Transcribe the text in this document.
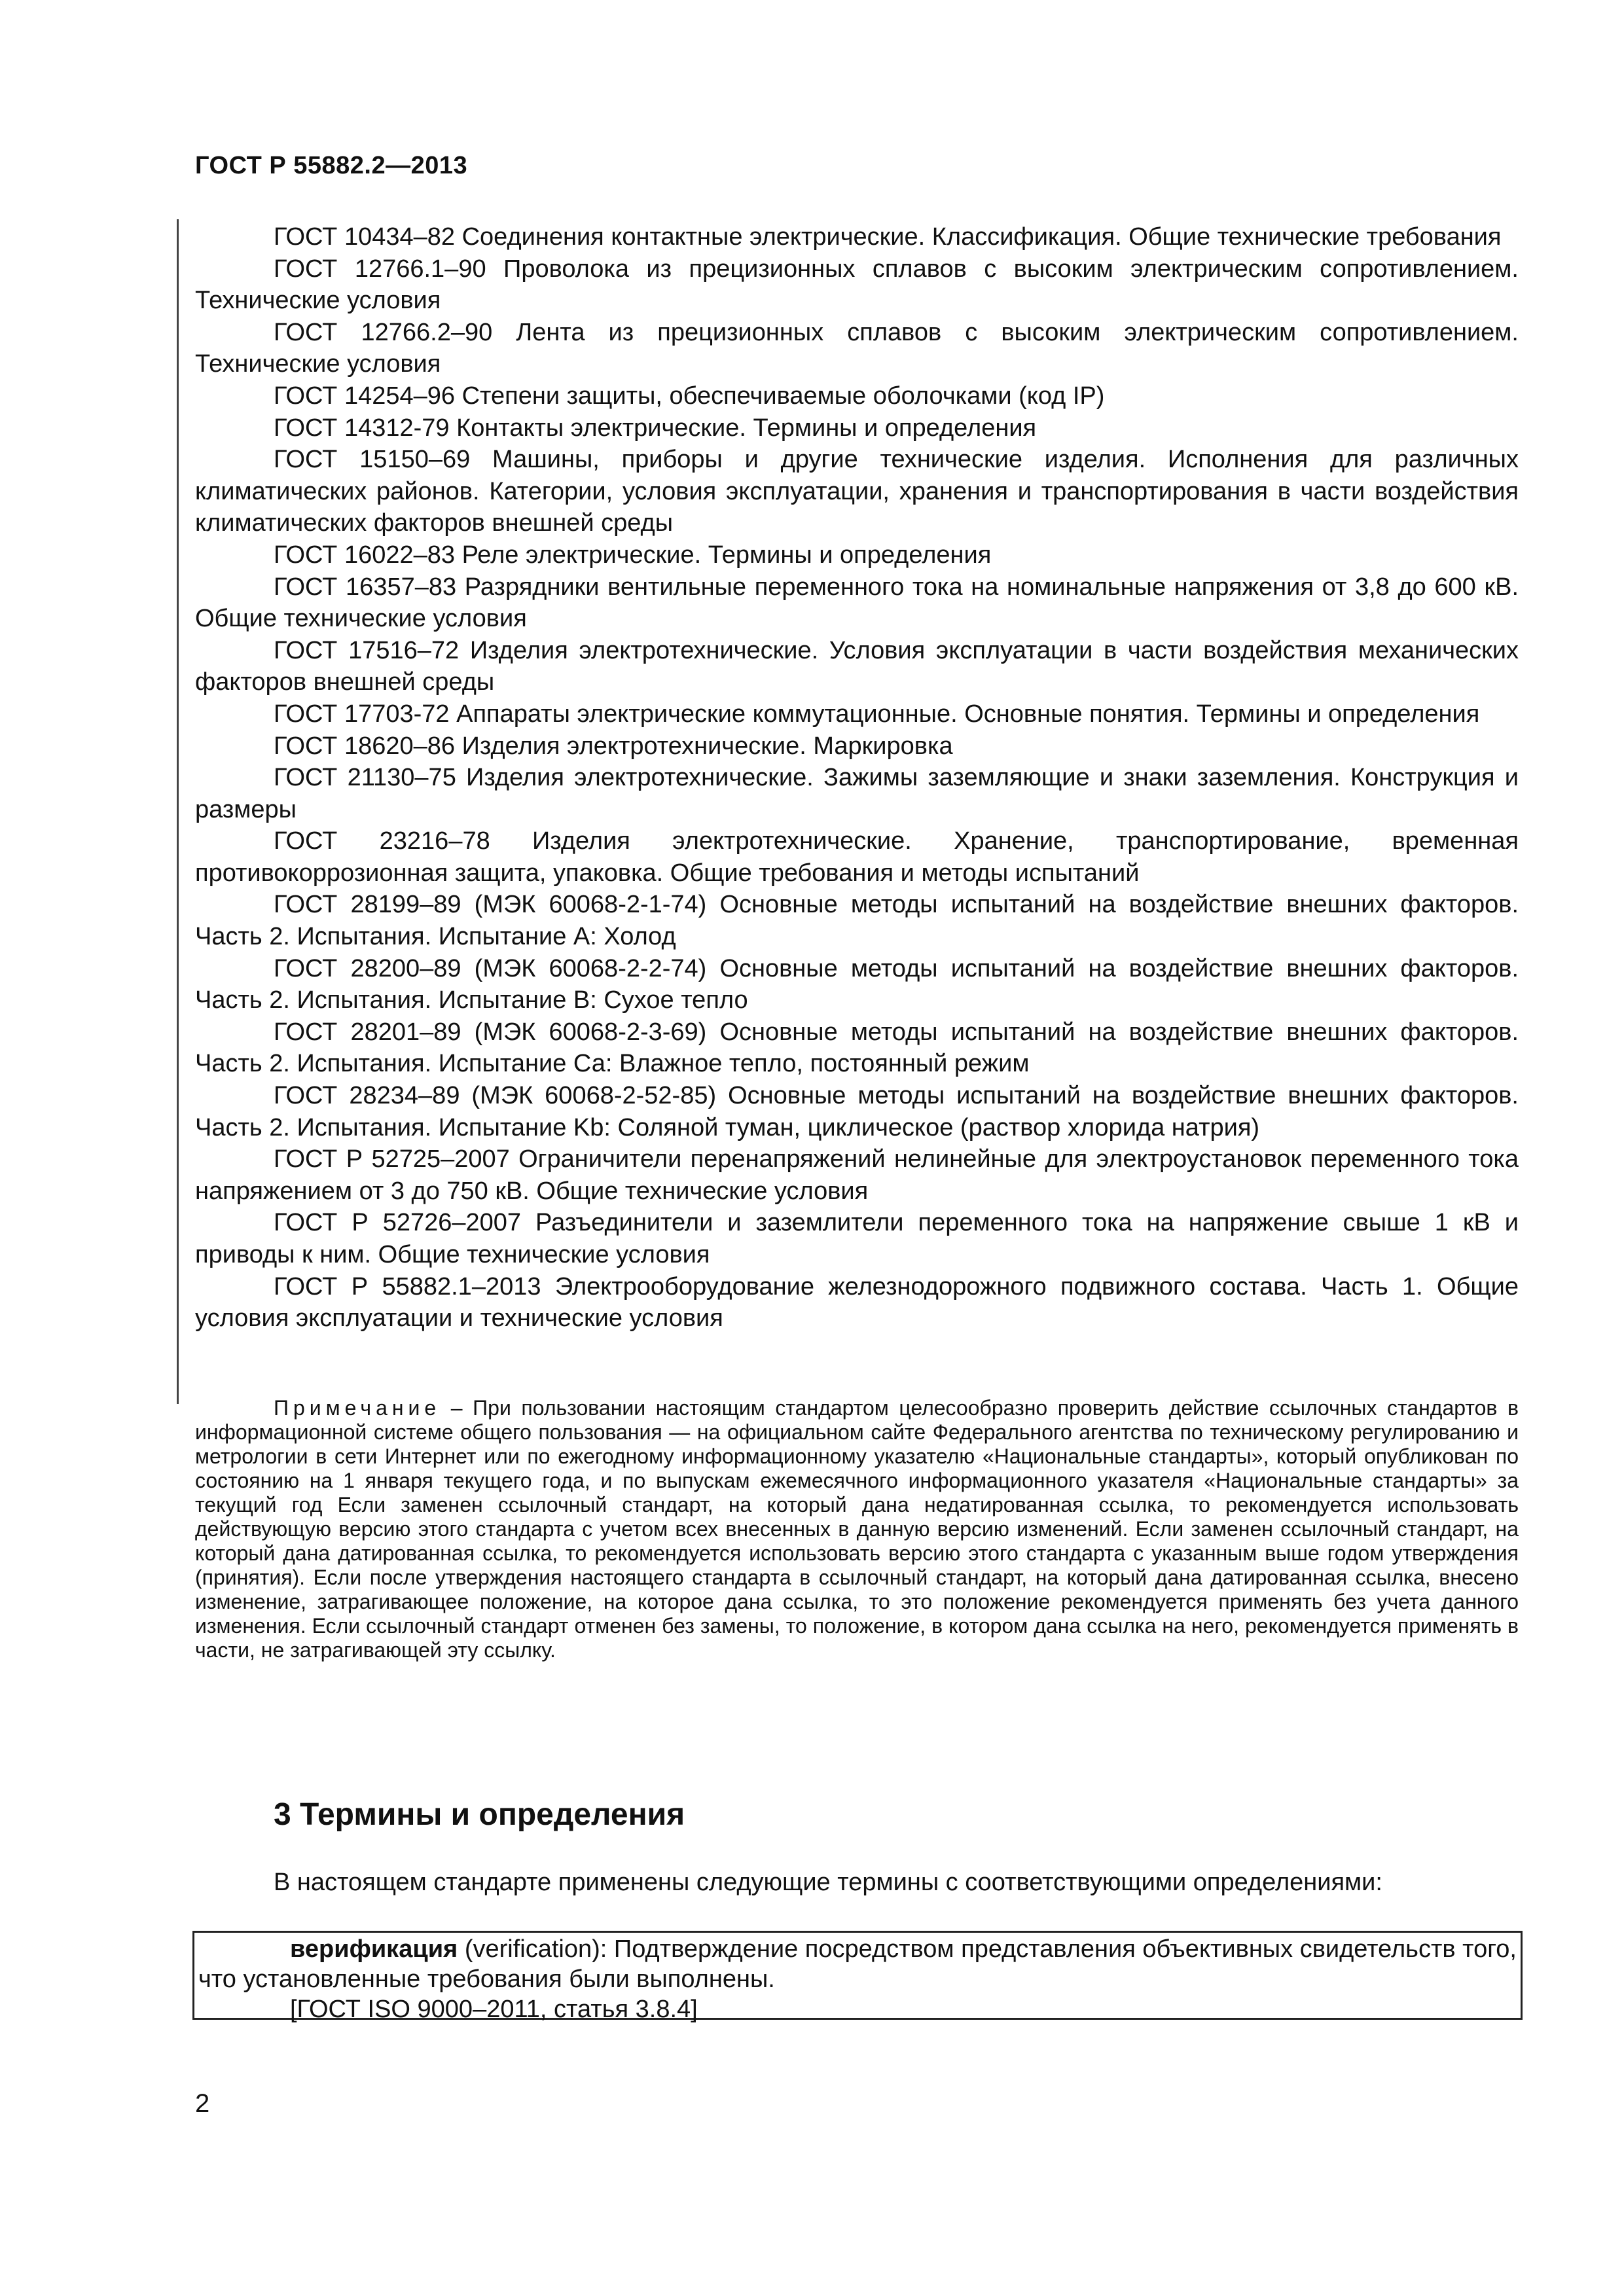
ГОСТ Р 55882.2—2013

ГОСТ 10434–82 Соединения контактные электрические. Классификация. Общие технические требования

ГОСТ 12766.1–90 Проволока из прецизионных сплавов с высоким электрическим сопротивлением. Технические условия

ГОСТ 12766.2–90 Лента из прецизионных сплавов с высоким электрическим сопротивлением. Технические условия

ГОСТ 14254–96 Степени защиты, обеспечиваемые оболочками (код IP)

ГОСТ 14312-79 Контакты электрические. Термины и определения

ГОСТ 15150–69 Машины, приборы и другие технические изделия. Исполнения для различных климатических районов. Категории, условия эксплуатации, хранения и транспортирования в части воздействия климатических факторов внешней среды

ГОСТ 16022–83 Реле электрические. Термины и определения

ГОСТ 16357–83 Разрядники вентильные переменного тока на номинальные напряжения от 3,8 до 600 кВ. Общие технические условия

ГОСТ 17516–72 Изделия электротехнические. Условия эксплуатации в части воздействия механических факторов внешней среды

ГОСТ 17703-72 Аппараты электрические коммутационные. Основные понятия. Термины и определения

ГОСТ 18620–86 Изделия электротехнические. Маркировка

ГОСТ 21130–75 Изделия электротехнические. Зажимы заземляющие и знаки заземления. Конструкция и размеры

ГОСТ 23216–78 Изделия электротехнические. Хранение, транспортирование, временная противокоррозионная защита, упаковка. Общие требования и методы испытаний

ГОСТ 28199–89 (МЭК 60068-2-1-74) Основные методы испытаний на воздействие внешних факторов. Часть 2. Испытания. Испытание А: Холод

ГОСТ 28200–89 (МЭК 60068-2-2-74) Основные методы испытаний на воздействие внешних факторов. Часть 2. Испытания. Испытание В: Сухое тепло

ГОСТ 28201–89 (МЭК 60068-2-3-69) Основные методы испытаний на воздействие внешних факторов. Часть 2. Испытания. Испытание Са: Влажное тепло, постоянный режим

ГОСТ 28234–89 (МЭК 60068-2-52-85) Основные методы испытаний на воздействие внешних факторов. Часть 2. Испытания. Испытание Kb: Соляной туман, циклическое (раствор хлорида натрия)

ГОСТ Р 52725–2007 Ограничители перенапряжений нелинейные для электроустановок переменного тока напряжением от 3 до 750 кВ. Общие технические условия

ГОСТ Р 52726–2007 Разъединители и заземлители переменного тока на напряжение свыше 1 кВ и приводы к ним. Общие технические условия

ГОСТ Р 55882.1–2013 Электрооборудование железнодорожного подвижного состава. Часть 1. Общие условия эксплуатации и технические условия

Примечание – При пользовании настоящим стандартом целесообразно проверить действие ссылочных стандартов в информационной системе общего пользования — на официальном сайте Федерального агентства по техническому регулированию и метрологии в сети Интернет или по ежегодному информационному указателю «Национальные стандарты», который опубликован по состоянию на 1 января текущего года, и по выпускам ежемесячного информационного указателя «Национальные стандарты» за текущий год Если заменен ссылочный стандарт, на который дана недатированная ссылка, то рекомендуется использовать действующую версию этого стандарта с учетом всех внесенных в данную версию изменений. Если заменен ссылочный стандарт, на который дана датированная ссылка, то рекомендуется использовать версию этого стандарта с указанным выше годом утверждения (принятия). Если после утверждения настоящего стандарта в ссылочный стандарт, на который дана датированная ссылка, внесено изменение, затрагивающее положение, на которое дана ссылка, то это положение рекомендуется применять без учета данного изменения. Если ссылочный стандарт отменен без замены, то положение, в котором дана ссылка на него, рекомендуется применять в части, не затрагивающей эту ссылку.

3 Термины и определения
В настоящем стандарте применены следующие термины с соответствующими определениями:

верификация (verification): Подтверждение посредством представления объективных свидетельств того, что установленные требования были выполнены.

[ГОСТ ISO 9000–2011, статья 3.8.4]

2
